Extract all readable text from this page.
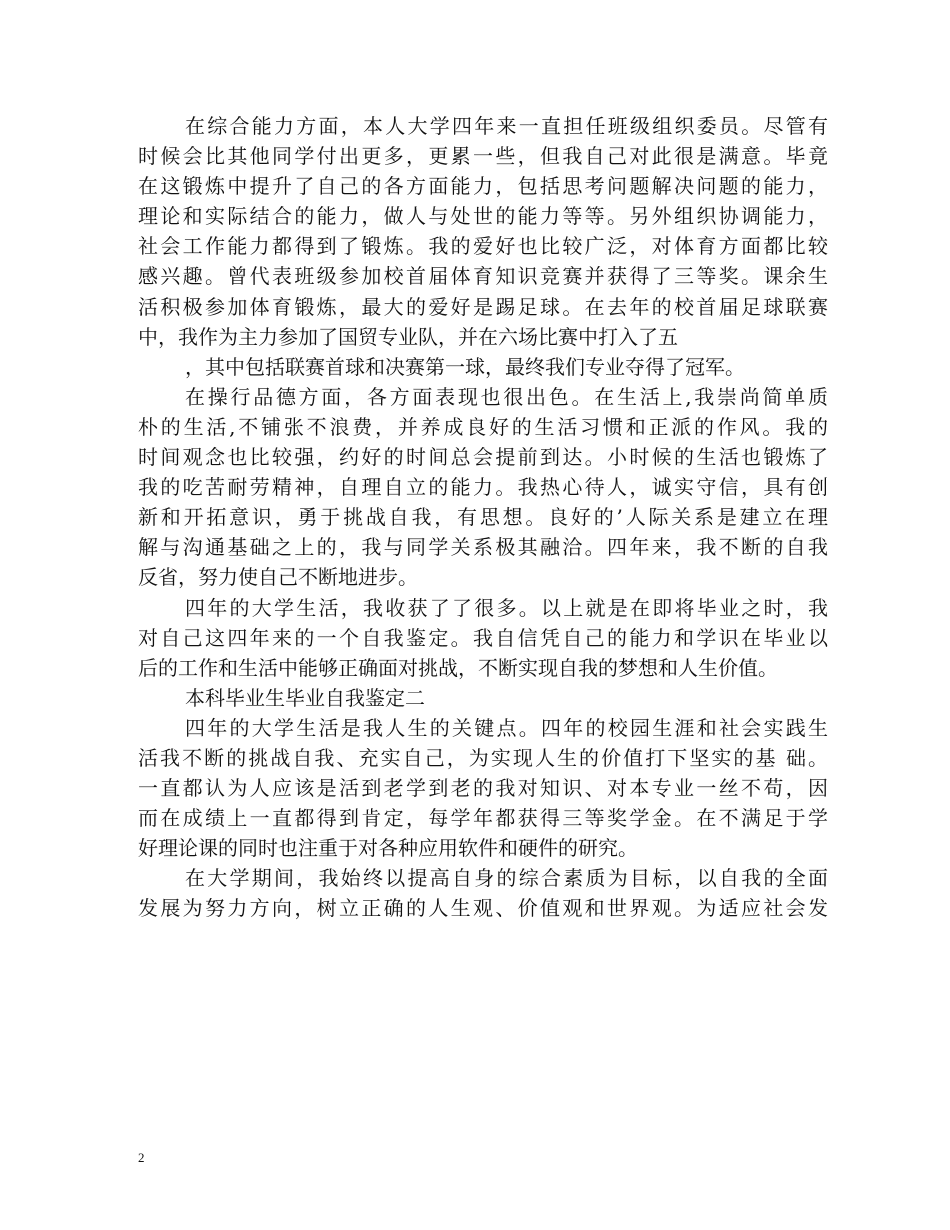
在综合能力方面，本人大学四年来一直担任班级组织委员。尽管有
时候会比其他同学付出更多，更累一些，但我自己对此很是满意。毕竟
在这锻炼中提升了自己的各方面能力，包括思考问题解决问题的能力，
理论和实际结合的能力，做人与处世的能力等等。另外组织协调能力，
社会工作能力都得到了锻炼。我的爱好也比较广泛，对体育方面都比较
感兴趣。曾代表班级参加校首届体育知识竞赛并获得了三等奖。课余生
活积极参加体育锻炼，最大的爱好是踢足球。在去年的校首届足球联赛
中，我作为主力参加了国贸专业队，并在六场比赛中打入了五
，其中包括联赛首球和决赛第一球，最终我们专业夺得了冠军。
在操行品德方面，各方面表现也很出色。在生活上,我崇尚简单质
朴的生活,不铺张不浪费，并养成良好的生活习惯和正派的作风。我的
时间观念也比较强，约好的时间总会提前到达。小时候的生活也锻炼了
我的吃苦耐劳精神，自理自立的能力。我热心待人，诚实守信，具有创
新和开拓意识，勇于挑战自我，有思想。良好的’人际关系是建立在理
解与沟通基础之上的，我与同学关系极其融洽。四年来，我不断的自我
反省，努力使自己不断地进步。
四年的大学生活，我收获了了很多。以上就是在即将毕业之时，我
对自己这四年来的一个自我鉴定。我自信凭自己的能力和学识在毕业以
后的工作和生活中能够正确面对挑战，不断实现自我的梦想和人生价值。
本科毕业生毕业自我鉴定二
四年的大学生活是我人生的关键点。四年的校园生涯和社会实践生
活我不断的挑战自我、充实自己，为实现人生的价值打下坚实的基 础。
一直都认为人应该是活到老学到老的我对知识、对本专业一丝不苟，因
而在成绩上一直都得到肯定，每学年都获得三等奖学金。在不满足于学
好理论课的同时也注重于对各种应用软件和硬件的研究。
在大学期间，我始终以提高自身的综合素质为目标，以自我的全面
发展为努力方向，树立正确的人生观、价值观和世界观。为适应社会发
2
